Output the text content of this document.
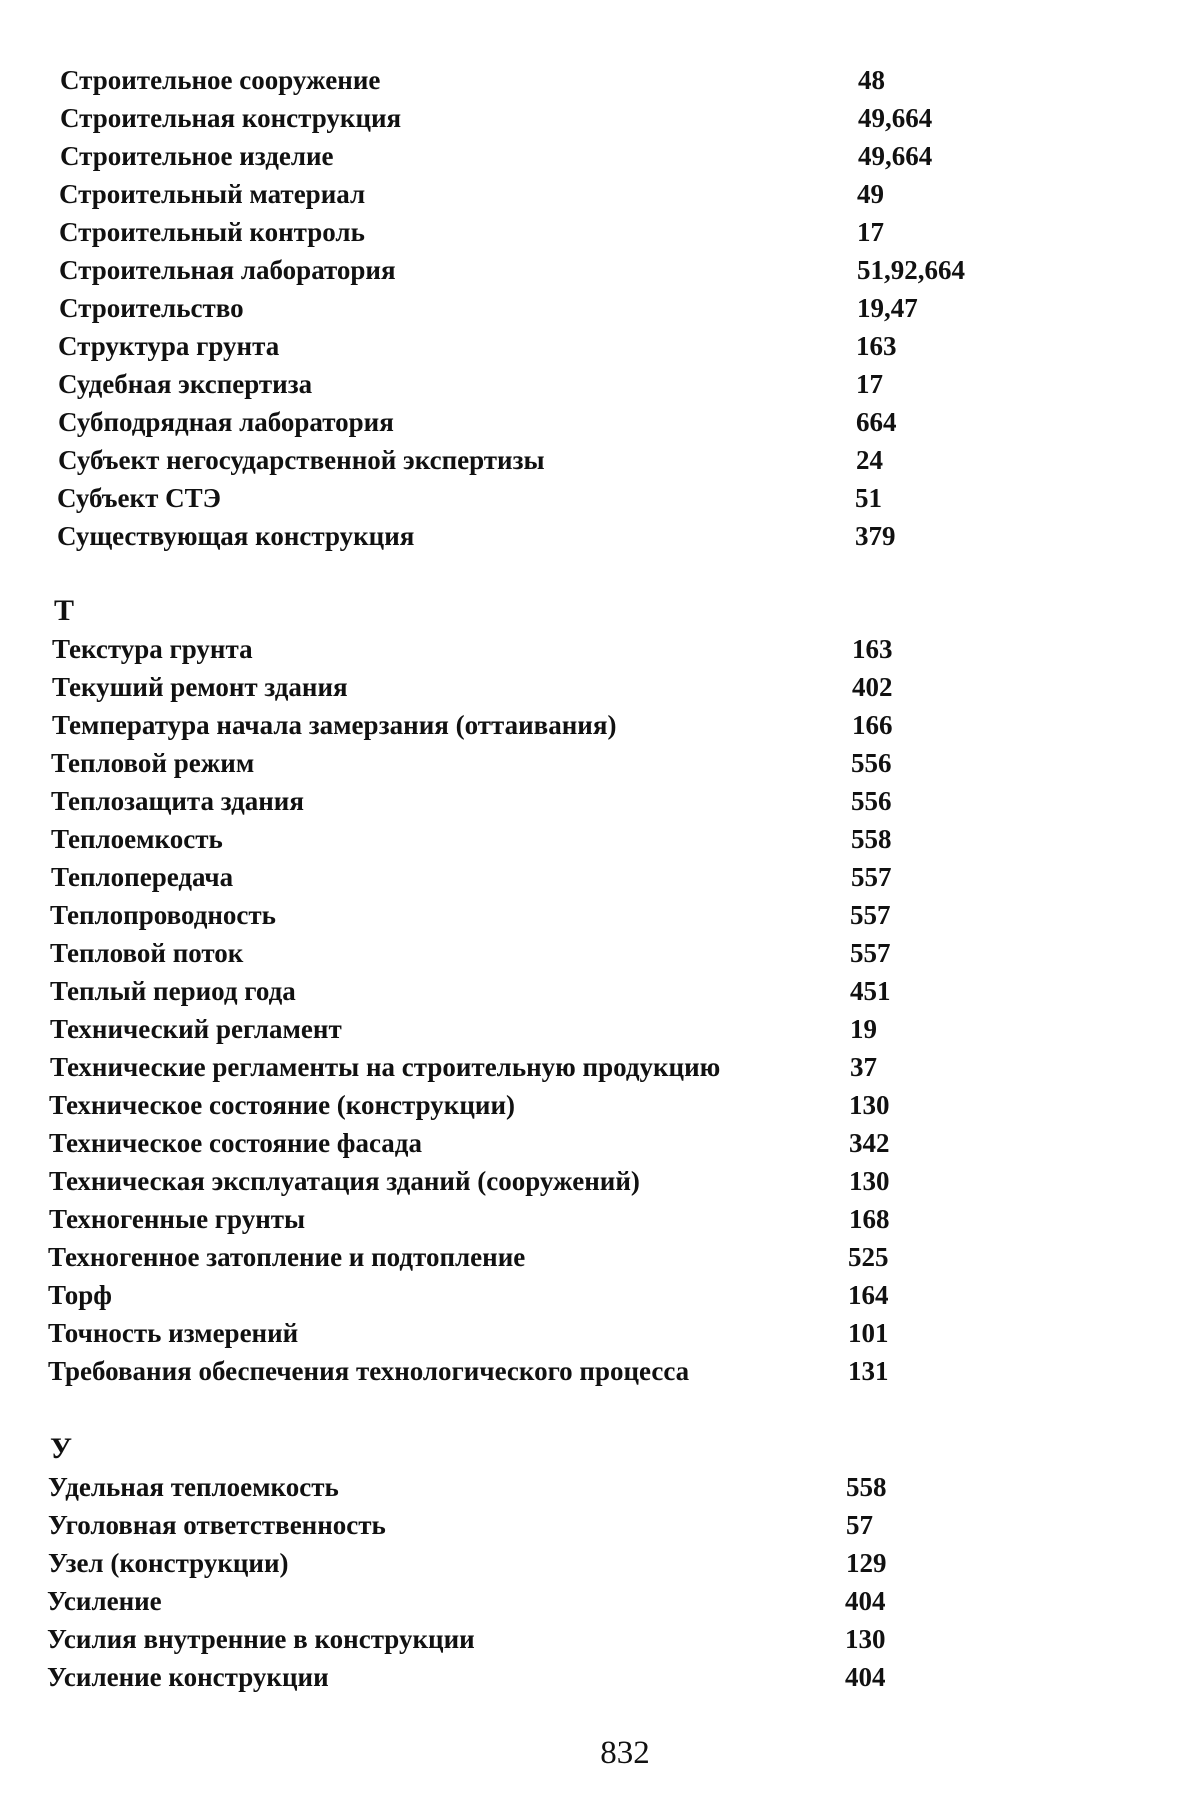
Строительное сооружение	48
Строительная конструкция	49,664
Строительное изделие	49,664
Строительный материал	49
Строительный контроль	17
Строительная лаборатория	51,92,664
Строительство	19,47
Структура грунта	163
Судебная экспертиза	17
Субподрядная лаборатория	664
Субъект негосударственной экспертизы	24
Субъект СТЭ	51
Существующая конструкция	379
Т
Текстура грунта	163
Текуший ремонт здания	402
Температура начала замерзания (оттаивания)	166
Тепловой режим	556
Теплозащита здания	556
Теплоемкость	558
Теплопередача	557
Теплопроводность	557
Тепловой поток	557
Теплый период года	451
Технический регламент	19
Технические регламенты на строительную продукцию	37
Техническое состояние (конструкции)	130
Техническое состояние фасада	342
Техническая эксплуатация зданий (сооружений)	130
Техногенные грунты	168
Техногенное затопление и подтопление	525
Торф	164
Точность измерений	101
Требования обеспечения технологического процесса	131
У
Удельная теплоемкость	558
Уголовная ответственность	57
Узел (конструкции)	129
Усиление	404
Усилия внутренние в конструкции	130
Усиление конструкции	404
832
